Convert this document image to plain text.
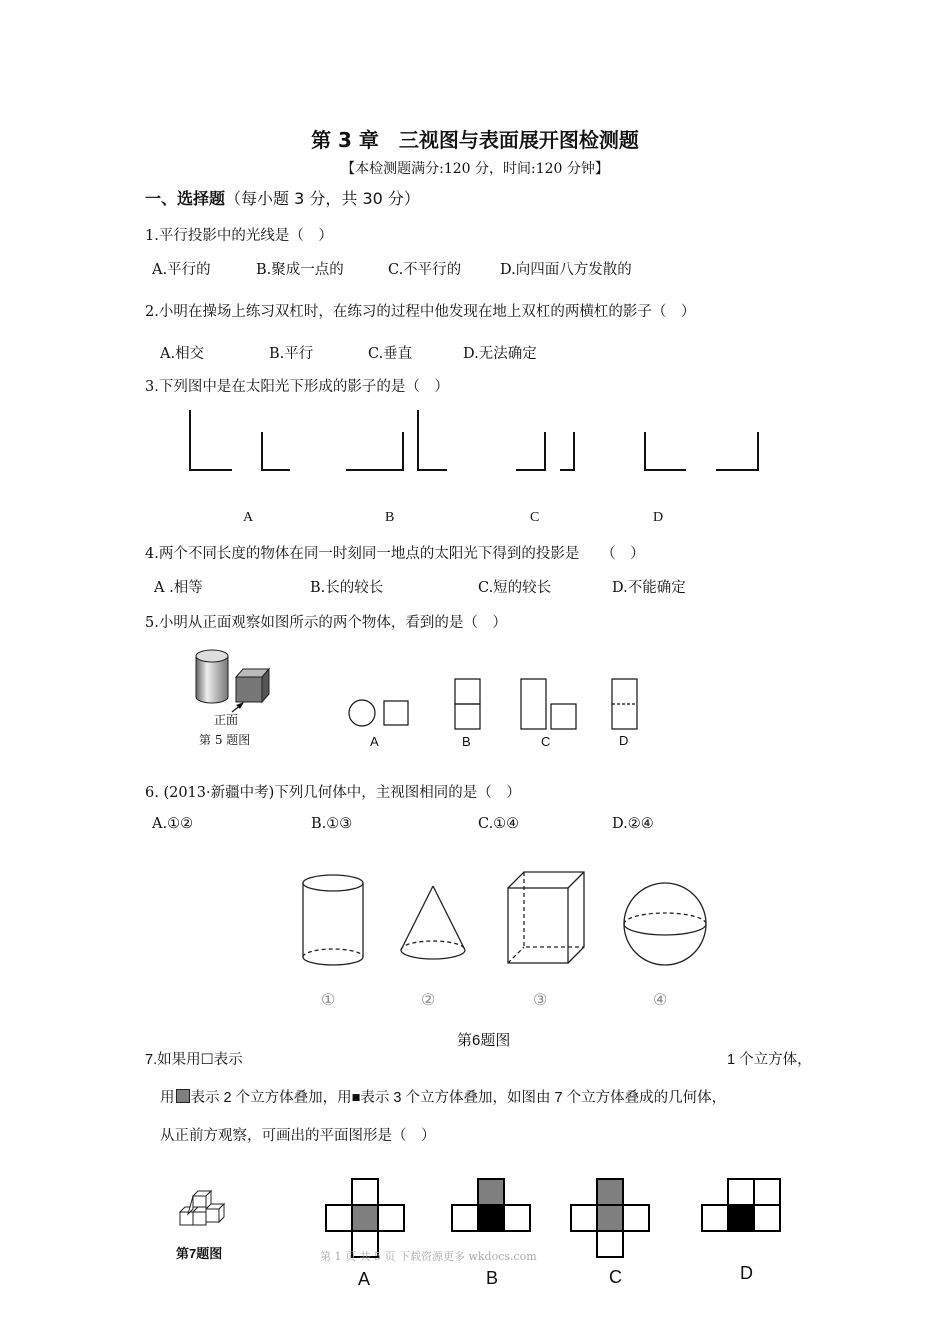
第 3 章　三视图与表面展开图检测题
【本检测题满分:120 分，时间:120 分钟】
一、选择题（每小题 3 分，共 30 分）
1.平行投影中的光线是（　）
A.平行的	B.聚成一点的	C.不平行的	D.向四面八方发散的
2.小明在操场上练习双杠时，在练习的过程中他发现在地上双杠的两横杠的影子（　）
A.相交	B.平行	C.垂直	D.无法确定
3.下列图中是在太阳光下形成的影子的是（　）
A	B	C	D
4.两个不同长度的物体在同一时刻同一地点的太阳光下得到的投影是　　（　）
A .相等	B.长的较长	C.短的较长	D.不能确定
5.小明从正面观察如图所示的两个物体，看到的是（　）
正面
第 5 题图	A	B	C	D
6. (2013·新疆中考)下列几何体中，主视图相同的是（　）
A.①②	B.①③	C.①④	D.②④
①	②	③	④
第6题图
7.如果用☐表示	1 个立方体，
用 表示 2 个立方体叠加，用■表示 3 个立方体叠加，如图由 7 个立方体叠成的几何体，
从正前方观察，可画出的平面图形是（　）
第7题图	第 1 页 共 5 页 下载资源更多 wkdocs.com
A	B	C	D
